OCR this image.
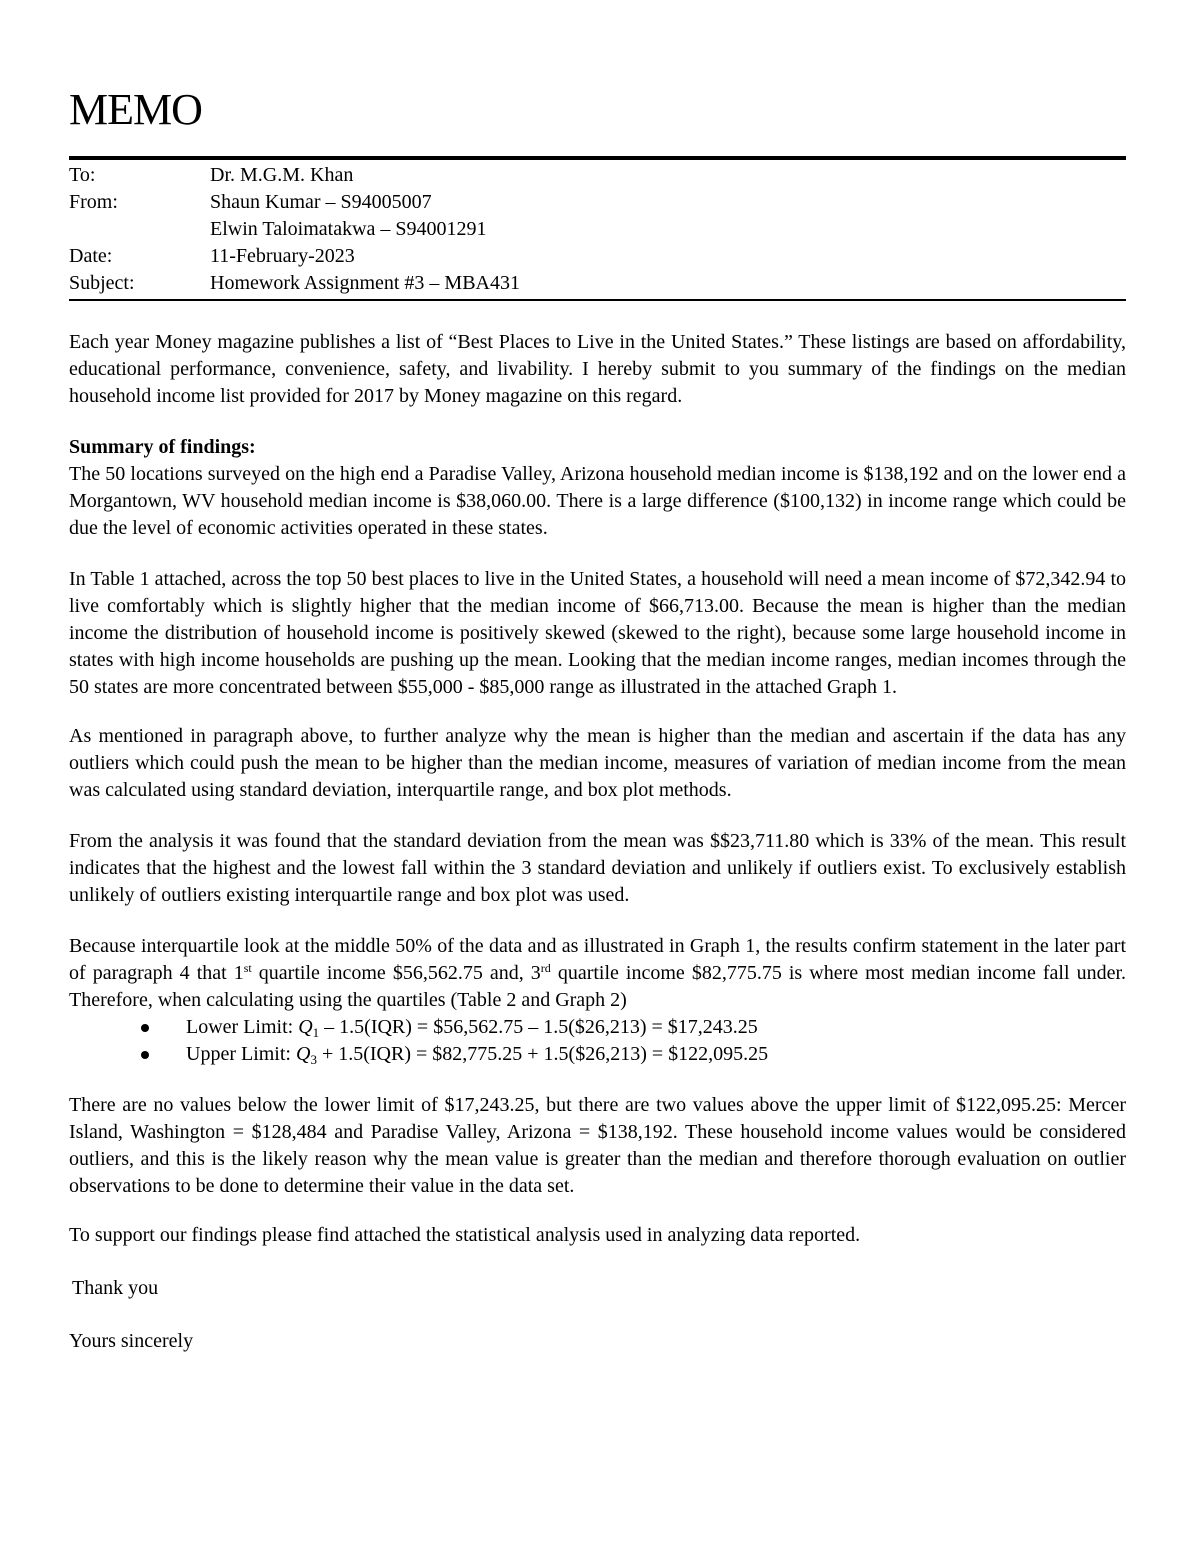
MEMO
To:	Dr. M.G.M. Khan
From:	Shaun Kumar – S94005007
Elwin Taloimatakwa – S94001291
Date:	11-February-2023
Subject:	Homework Assignment #3 – MBA431

Each year Money magazine publishes a list of “Best Places to Live in the United States.” These listings are based on affordability, educational performance, convenience, safety, and livability. I hereby submit to you summary of the findings on the median household income list provided for 2017 by Money magazine on this regard.

Summary of findings:

The 50 locations surveyed on the high end a Paradise Valley, Arizona household median income is $138,192 and on the lower end a Morgantown, WV household median income is $38,060.00. There is a large difference ($100,132) in income range which could be due the level of economic activities operated in these states.

In Table 1 attached, across the top 50 best places to live in the United States, a household will need a mean income of $72,342.94 to live comfortably which is slightly higher that the median income of $66,713.00. Because the mean is higher than the median income the distribution of household income is positively skewed (skewed to the right), because some large household income in states with high income households are pushing up the mean. Looking that the median income ranges, median incomes through the 50 states are more concentrated between $55,000 - $85,000 range as illustrated in the attached Graph 1.

As mentioned in paragraph above, to further analyze why the mean is higher than the median and ascertain if the data has any outliers which could push the mean to be higher than the median income, measures of variation of median income from the mean was calculated using standard deviation, interquartile range, and box plot methods.

From the analysis it was found that the standard deviation from the mean was $$23,711.80 which is 33% of the mean. This result indicates that the highest and the lowest fall within the 3 standard deviation and unlikely if outliers exist. To exclusively establish unlikely of outliers existing interquartile range and box plot was used.

Because interquartile look at the middle 50% of the data and as illustrated in Graph 1, the results confirm statement in the later part of paragraph 4 that 1st quartile income $56,562.75 and, 3rd quartile income $82,775.75 is where most median income fall under. Therefore, when calculating using the quartiles (Table 2 and Graph 2)

Lower Limit: $Q_1 - 1.5(IQR)$ = $56,562.75 – 1.5($26,213) = $17,243.25
Upper Limit: $Q_3 + 1.5(IQR)$ = $82,775.25 + 1.5($26,213) = $122,095.25

There are no values below the lower limit of $17,243.25, but there are two values above the upper limit of $122,095.25: Mercer Island, Washington = $128,484 and Paradise Valley, Arizona = $138,192. These household income values would be considered outliers, and this is the likely reason why the mean value is greater than the median and therefore thorough evaluation on outlier observations to be done to determine their value in the data set.

To support our findings please find attached the statistical analysis used in analyzing data reported.

Thank you

Yours sincerely
